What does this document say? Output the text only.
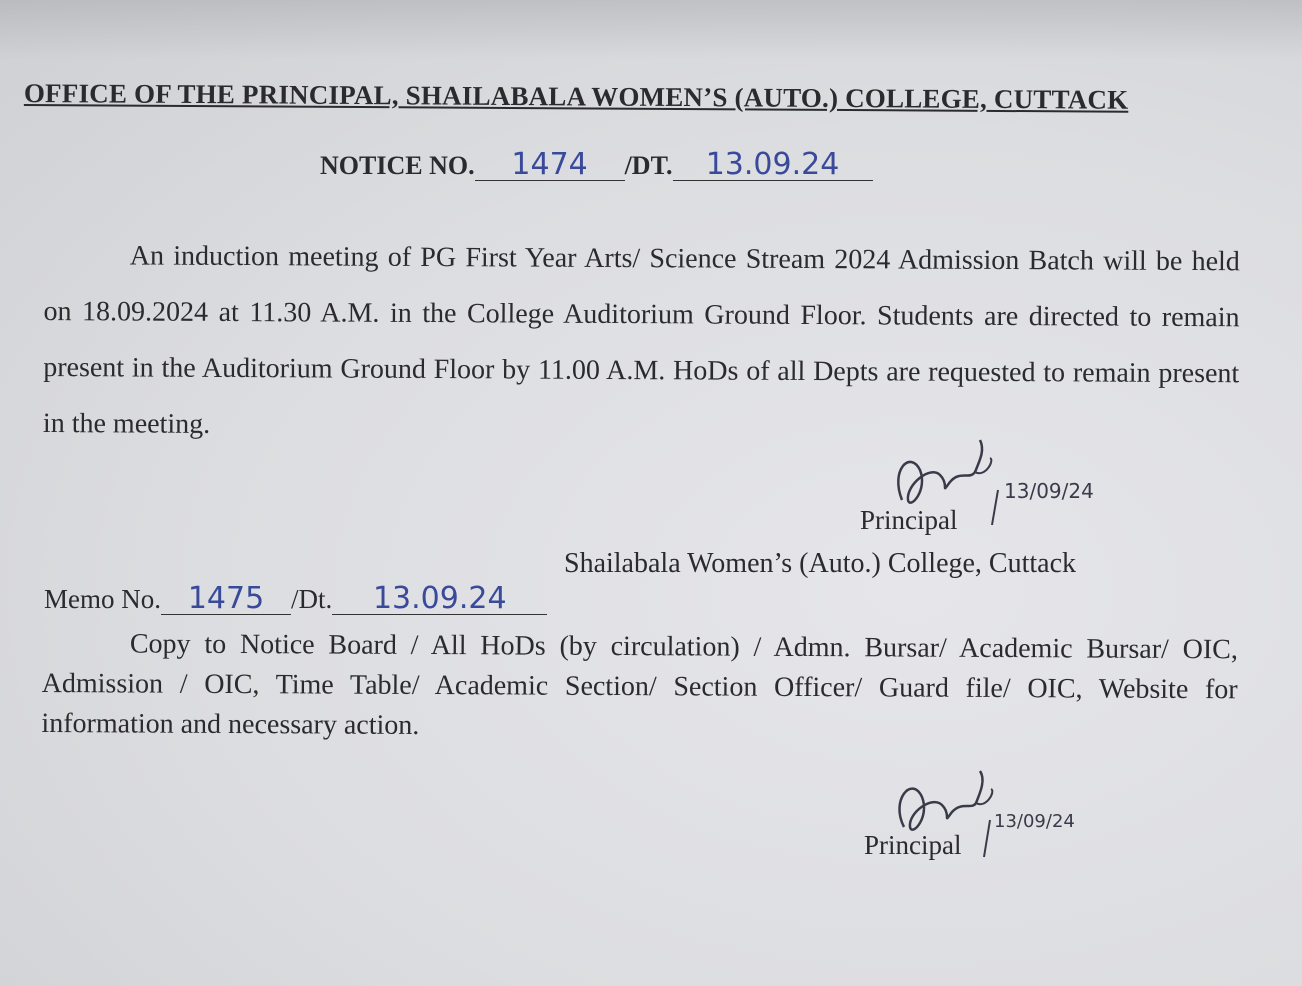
OFFICE OF THE PRINCIPAL, SHAILABALA WOMEN’S (AUTO.) COLLEGE, CUTTACK
NOTICE NO. 1474 /DT. 13.09.24
An induction meeting of PG First Year Arts/ Science Stream 2024 Admission Batch will be held on 18.09.2024 at 11.30 A.M. in the College Auditorium Ground Floor. Students are directed to remain present in the Auditorium Ground Floor by 11.00 A.M. HoDs of all Depts are requested to remain present in the meeting.
13/09/24
Principal
Shailabala Women’s (Auto.) College, Cuttack
Memo No. 1475 /Dt. 13.09.24
Copy to Notice Board / All HoDs (by circulation) / Admn. Bursar/ Academic Bursar/ OIC, Admission / OIC, Time Table/ Academic Section/ Section Officer/ Guard file/ OIC, Website for information and necessary action.
13/09/24
Principal
